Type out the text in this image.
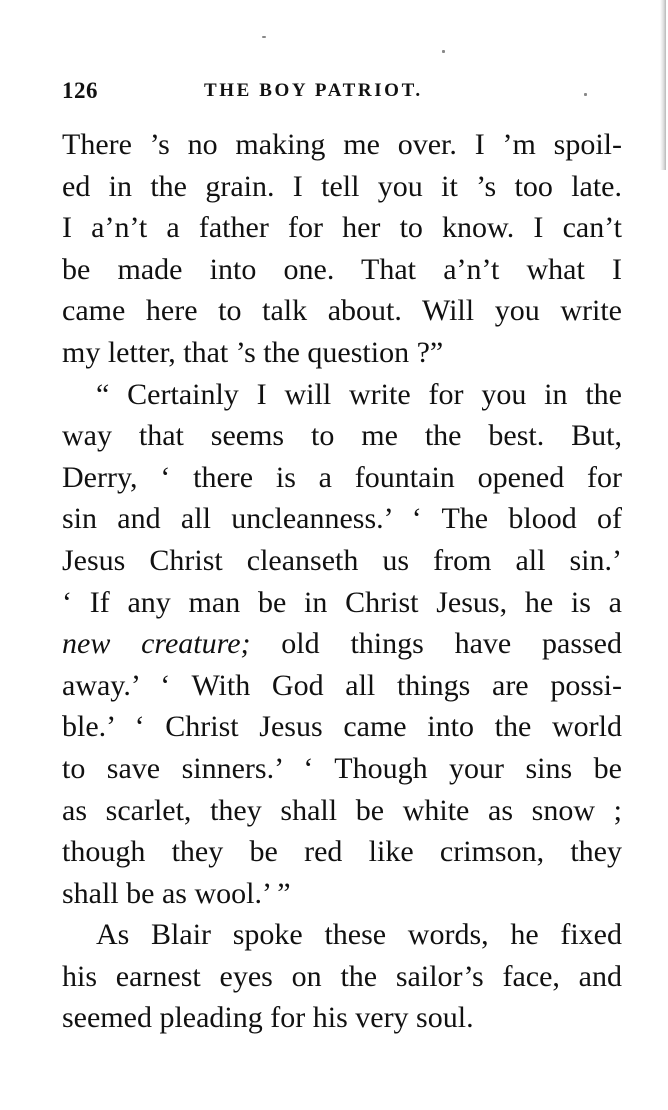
126	THE BOY PATRIOT.
There ’s no making me over. I ’m spoil-
ed in the grain. I tell you it ’s too late.
I a’n’t a father for her to know. I can’t
be made into one. That a’n’t what I
came here to talk about. Will you write
my letter, that ’s the question ?”
“ Certainly I will write for you in the
way that seems to me the best. But,
Derry, ‘ there is a fountain opened for
sin and all uncleanness.’ ‘ The blood of
Jesus Christ cleanseth us from all sin.’
‘ If any man be in Christ Jesus, he is a
new creature; old things have passed
away.’ ‘ With God all things are possi-
ble.’ ‘ Christ Jesus came into the world
to save sinners.’ ‘ Though your sins be
as scarlet, they shall be white as snow ;
though they be red like crimson, they
shall be as wool.’ ”
As Blair spoke these words, he fixed
his earnest eyes on the sailor’s face, and
seemed pleading for his very soul.
